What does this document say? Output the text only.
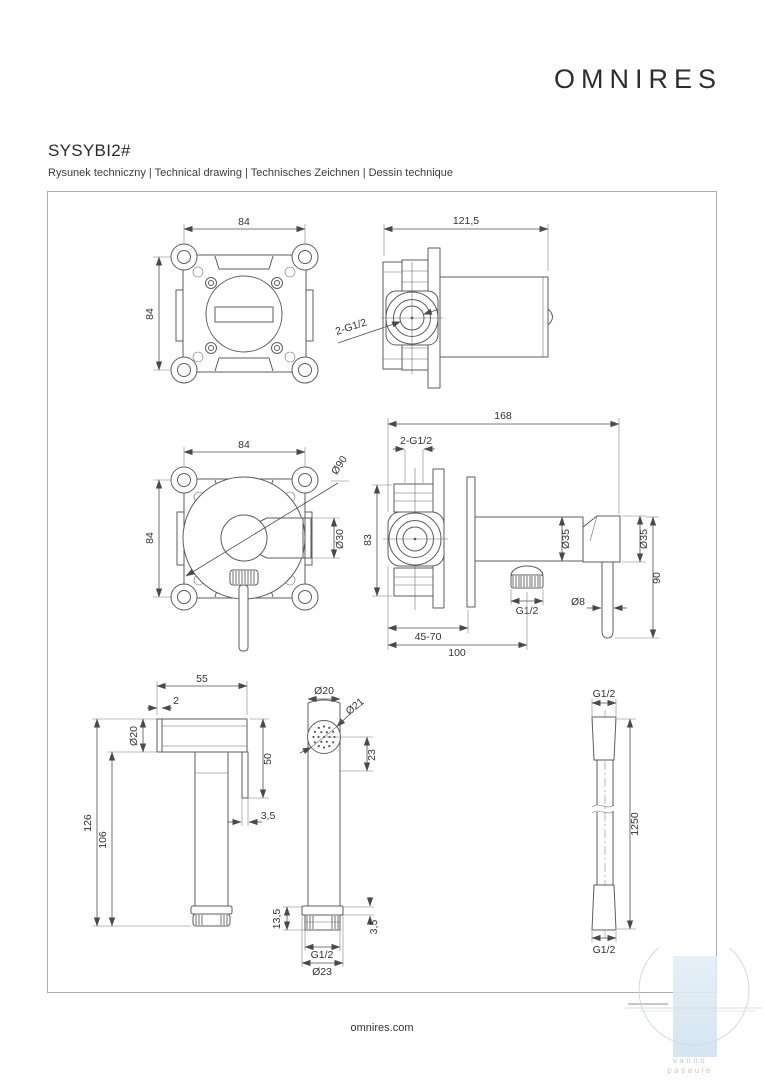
OMNIRES
SYSYBI2#
Rysunek techniczny | Technical drawing | Technisches Zeichnen | Dessin technique
84
84
121,5
2-G1/2
84
84
Ø90
Ø30
168
2-G1/2
83	Ø35	Ø35
90
Ø8
G1/2
45-70
100
55
2
Ø20
50
3,5
126
106
Ø20
Ø21
23
13,5	3,5
G1/2
Ø23
G1/2
1250
G1/2
omnires.com
vannu
pasaule
